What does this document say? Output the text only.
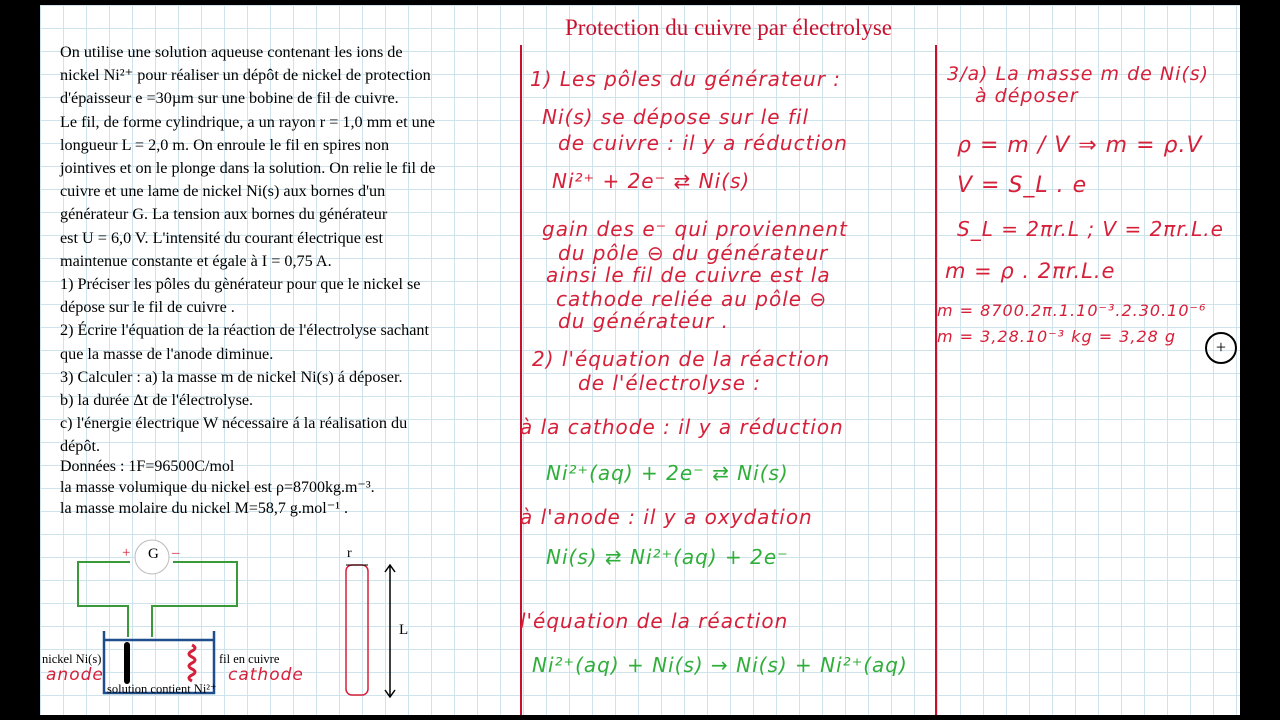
Protection du cuivre par électrolyse

On utilise une solution aqueuse contenant les ions de

nickel Ni²⁺ pour réaliser un dépôt de nickel de protection

d'épaisseur e =30µm sur une bobine de fil de cuivre.

Le fil, de forme cylindrique, a un rayon r = 1,0 mm et une

longueur L = 2,0 m. On enroule le fil en spires non

jointives et on le plonge dans la solution. On relie le fil de

cuivre et une lame de nickel Ni(s) aux bornes d'un

générateur G. La tension aux bornes du générateur

est U = 6,0 V. L'intensité du courant électrique est

maintenue constante et égale à I = 0,75 A.

1) Préciser les pôles du gènérateur pour que le nickel se

dépose sur le fil de cuivre .

2) Écrire l'équation de la réaction de l'électrolyse sachant

que la masse de l'anode diminue.

3) Calculer : a) la masse m de nickel Ni(s) á déposer.

b) la durée Δt de l'électrolyse.

c) l'énergie électrique W nécessaire á la réalisation du

dépôt.

Données : 1F=96500C/mol
la masse volumique du nickel est ρ=8700kg.m⁻³.
la masse molaire du nickel M=58,7 g.mol⁻¹ .
G
+	–
nickel Ni(s)	fil en cuivre
solution contient Ni²⁺
anode	cathode
r
L
1) Les pôles du générateur :
Ni(s) se dépose sur le fil
de cuivre : il y a réduction
Ni²⁺ + 2e⁻ ⇄ Ni(s)
gain des e⁻ qui proviennent
du pôle ⊖ du générateur
ainsi le fil de cuivre est la
cathode reliée au pôle ⊖
du générateur .
2) l'équation de la réaction
de l'électrolyse :
à la cathode : il y a réduction
Ni²⁺(aq) + 2e⁻ ⇄ Ni(s)
à l'anode : il y a oxydation
Ni(s) ⇄ Ni²⁺(aq) + 2e⁻
l'équation de la réaction
Ni²⁺(aq) + Ni(s) → Ni(s) + Ni²⁺(aq)
3/a) La masse m de Ni(s)
à déposer
ρ = m / V ⇒ m = ρ.V
V = S_L . e
S_L = 2πr.L ; V = 2πr.L.e
m = ρ . 2πr.L.e
m = 8700.2π.1.10⁻³.2.30.10⁻⁶
m = 3,28.10⁻³ kg = 3,28 g
+
